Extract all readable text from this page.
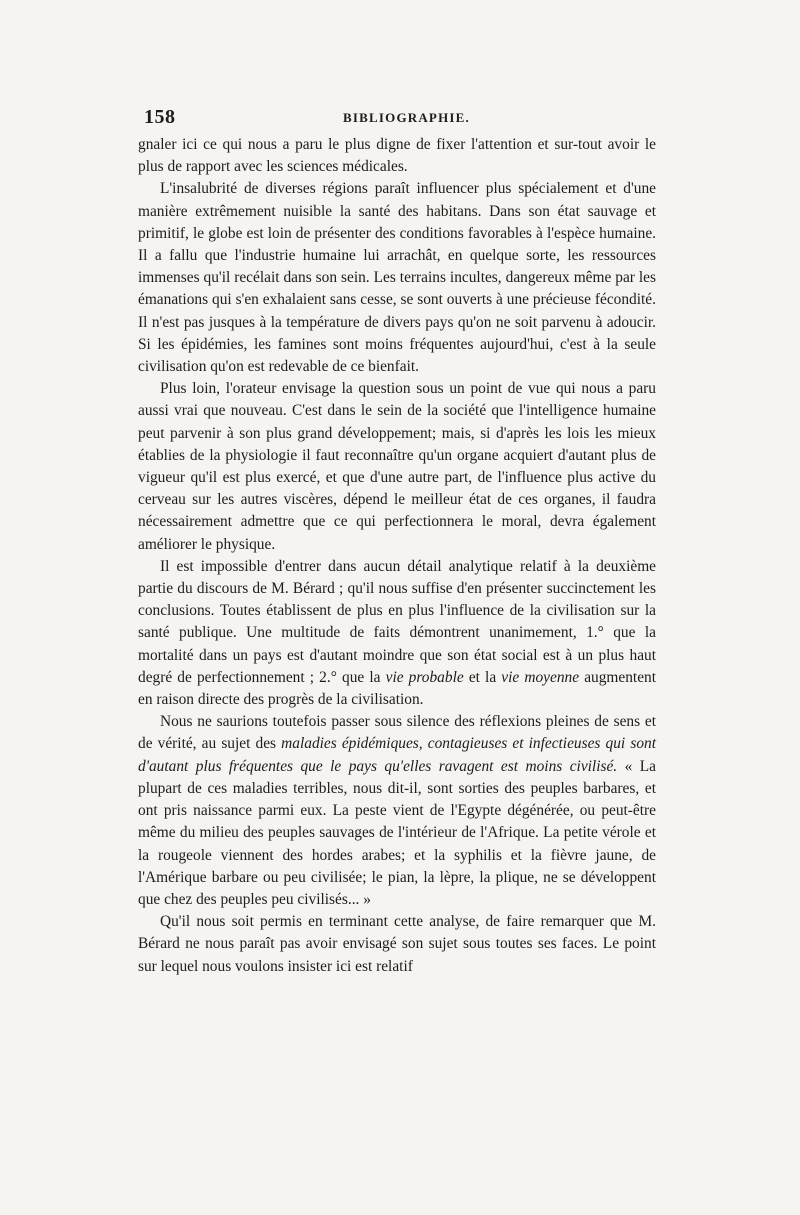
158	BIBLIOGRAPHIE.

gnaler ici ce qui nous a paru le plus digne de fixer l'attention et sur-tout avoir le plus de rapport avec les sciences médicales.

L'insalubrité de diverses régions paraît influencer plus spécialement et d'une manière extrêmement nuisible la santé des habitans. Dans son état sauvage et primitif, le globe est loin de présenter des conditions favorables à l'espèce humaine. Il a fallu que l'industrie humaine lui arrachât, en quelque sorte, les ressources immenses qu'il recélait dans son sein. Les terrains incultes, dangereux même par les émanations qui s'en exhalaient sans cesse, se sont ouverts à une précieuse fécondité. Il n'est pas jusques à la température de divers pays qu'on ne soit parvenu à adoucir. Si les épidémies, les famines sont moins fréquentes aujourd'hui, c'est à la seule civilisation qu'on est redevable de ce bienfait.

Plus loin, l'orateur envisage la question sous un point de vue qui nous a paru aussi vrai que nouveau. C'est dans le sein de la société que l'intelligence humaine peut parvenir à son plus grand développement; mais, si d'après les lois les mieux établies de la physiologie il faut reconnaître qu'un organe acquiert d'autant plus de vigueur qu'il est plus exercé, et que d'une autre part, de l'influence plus active du cerveau sur les autres viscères, dépend le meilleur état de ces organes, il faudra nécessairement admettre que ce qui perfectionnera le moral, devra également améliorer le physique.

Il est impossible d'entrer dans aucun détail analytique relatif à la deuxième partie du discours de M. Bérard ; qu'il nous suffise d'en présenter succinctement les conclusions. Toutes établissent de plus en plus l'influence de la civilisation sur la santé publique. Une multitude de faits démontrent unanimement, 1.° que la mortalité dans un pays est d'autant moindre que son état social est à un plus haut degré de perfectionnement ; 2.° que la vie probable et la vie moyenne augmentent en raison directe des progrès de la civilisation.

Nous ne saurions toutefois passer sous silence des réflexions pleines de sens et de vérité, au sujet des maladies épidémiques, contagieuses et infectieuses qui sont d'autant plus fréquentes que le pays qu'elles ravagent est moins civilisé. « La plupart de ces maladies terribles, nous dit-il, sont sorties des peuples barbares, et ont pris naissance parmi eux. La peste vient de l'Egypte dégénérée, ou peut-être même du milieu des peuples sauvages de l'intérieur de l'Afrique. La petite vérole et la rougeole viennent des hordes arabes; et la syphilis et la fièvre jaune, de l'Amérique barbare ou peu civilisée; le pian, la lèpre, la plique, ne se développent que chez des peuples peu civilisés... »

Qu'il nous soit permis en terminant cette analyse, de faire remarquer que M. Bérard ne nous paraît pas avoir envisagé son sujet sous toutes ses faces. Le point sur lequel nous voulons insister ici est relatif
